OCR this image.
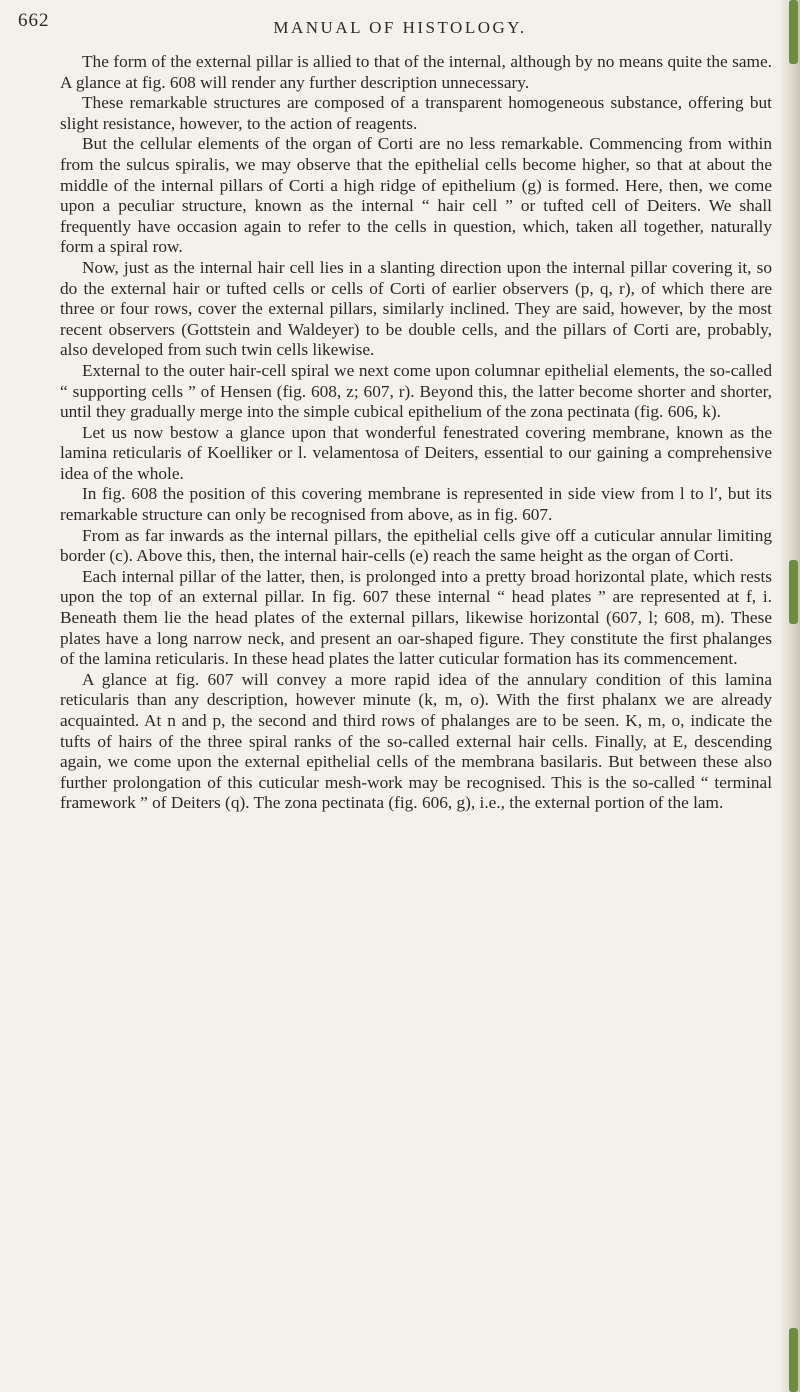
662	MANUAL OF HISTOLOGY.

The form of the external pillar is allied to that of the internal, although by no means quite the same. A glance at fig. 608 will render any further description unnecessary.

These remarkable structures are composed of a transparent homogeneous substance, offering but slight resistance, however, to the action of reagents.

But the cellular elements of the organ of Corti are no less remarkable. Commencing from within from the sulcus spiralis, we may observe that the epithelial cells become higher, so that at about the middle of the internal pillars of Corti a high ridge of epithelium (g) is formed. Here, then, we come upon a peculiar structure, known as the internal “ hair cell ” or tufted cell of Deiters. We shall frequently have occasion again to refer to the cells in question, which, taken all together, naturally form a spiral row.

Now, just as the internal hair cell lies in a slanting direction upon the internal pillar covering it, so do the external hair or tufted cells or cells of Corti of earlier observers (p, q, r), of which there are three or four rows, cover the external pillars, similarly inclined. They are said, however, by the most recent observers (Gottstein and Waldeyer) to be double cells, and the pillars of Corti are, probably, also developed from such twin cells likewise.

External to the outer hair-cell spiral we next come upon columnar epithelial elements, the so-called “ supporting cells ” of Hensen (fig. 608, z; 607, r). Beyond this, the latter become shorter and shorter, until they gradually merge into the simple cubical epithelium of the zona pectinata (fig. 606, k).

Let us now bestow a glance upon that wonderful fenestrated covering membrane, known as the lamina reticularis of Koelliker or l. velamentosa of Deiters, essential to our gaining a comprehensive idea of the whole.

In fig. 608 the position of this covering membrane is represented in side view from l to l′, but its remarkable structure can only be recognised from above, as in fig. 607.

From as far inwards as the internal pillars, the epithelial cells give off a cuticular annular limiting border (c). Above this, then, the internal hair-cells (e) reach the same height as the organ of Corti.

Each internal pillar of the latter, then, is prolonged into a pretty broad horizontal plate, which rests upon the top of an external pillar. In fig. 607 these internal “ head plates ” are represented at f, i. Beneath them lie the head plates of the external pillars, likewise horizontal (607, l; 608, m). These plates have a long narrow neck, and present an oar-shaped figure. They constitute the first phalanges of the lamina reticularis. In these head plates the latter cuticular formation has its commencement.

A glance at fig. 607 will convey a more rapid idea of the annulary condition of this lamina reticularis than any description, however minute (k, m, o). With the first phalanx we are already acquainted. At n and p, the second and third rows of phalanges are to be seen. K, m, o, indicate the tufts of hairs of the three spiral ranks of the so-called external hair cells. Finally, at E, descending again, we come upon the external epithelial cells of the membrana basilaris. But between these also further prolongation of this cuticular mesh-work may be recognised. This is the so-called “ terminal framework ” of Deiters (q). The zona pectinata (fig. 606, g), i.e., the external portion of the lam.
